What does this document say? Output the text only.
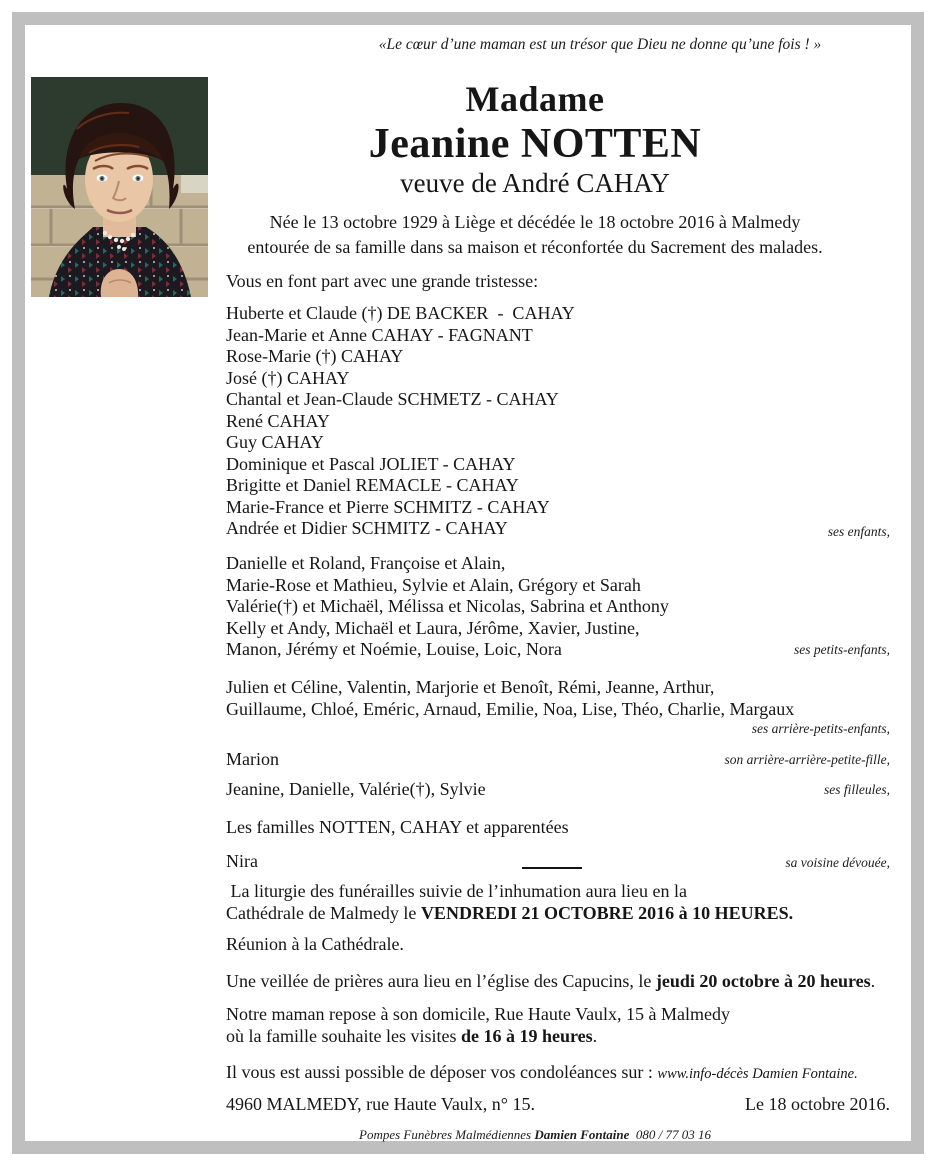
«Le cœur d’une maman est un trésor que Dieu ne donne qu’une fois ! »
Madame
Jeanine NOTTEN
veuve de André CAHAY
Née le 13 octobre 1929 à Liège et décédée le 18 octobre 2016 à Malmedy
entourée de sa famille dans sa maison et réconfortée du Sacrement des malades.
Vous en font part avec une grande tristesse:
Huberte et Claude (†) DE BACKER  -  CAHAY
Jean-Marie et Anne CAHAY - FAGNANT
Rose-Marie (†) CAHAY
José (†) CAHAY
Chantal et Jean-Claude SCHMETZ - CAHAY
René CAHAY
Guy CAHAY
Dominique et Pascal JOLIET - CAHAY
Brigitte et Daniel REMACLE - CAHAY
Marie-France et Pierre SCHMITZ - CAHAY
Andrée et Didier SCHMITZ - CAHAY	ses enfants,
Danielle et Roland, Françoise et Alain,
Marie-Rose et Mathieu, Sylvie et Alain, Grégory et Sarah
Valérie(†) et Michaël, Mélissa et Nicolas, Sabrina et Anthony
Kelly et Andy, Michaël et Laura, Jérôme, Xavier, Justine,
Manon, Jérémy et Noémie, Louise, Loic, Nora	ses petits-enfants,
Julien et Céline, Valentin, Marjorie et Benoît, Rémi, Jeanne, Arthur,
Guillaume, Chloé, Eméric, Arnaud, Emilie, Noa, Lise, Théo, Charlie, Margaux
ses arrière-petits-enfants,
Marion	son arrière-arrière-petite-fille,
Jeanine, Danielle, Valérie(†), Sylvie	ses filleules,
Les familles NOTTEN, CAHAY et apparentées
Nira	sa voisine dévouée,
La liturgie des funérailles suivie de l’inhumation aura lieu en la
Cathédrale de Malmedy le VENDREDI 21 OCTOBRE 2016 à 10 HEURES.
Réunion à la Cathédrale.
Une veillée de prières aura lieu en l’église des Capucins, le jeudi 20 octobre à 20 heures.
Notre maman repose à son domicile, Rue Haute Vaulx, 15 à Malmedy
où la famille souhaite les visites de 16 à 19 heures.
Il vous est aussi possible de déposer vos condoléances sur : www.info-décès Damien Fontaine.
4960 MALMEDY, rue Haute Vaulx, n° 15.	Le 18 octobre 2016.
Pompes Funèbres Malmédiennes Damien Fontaine  080 / 77 03 16
